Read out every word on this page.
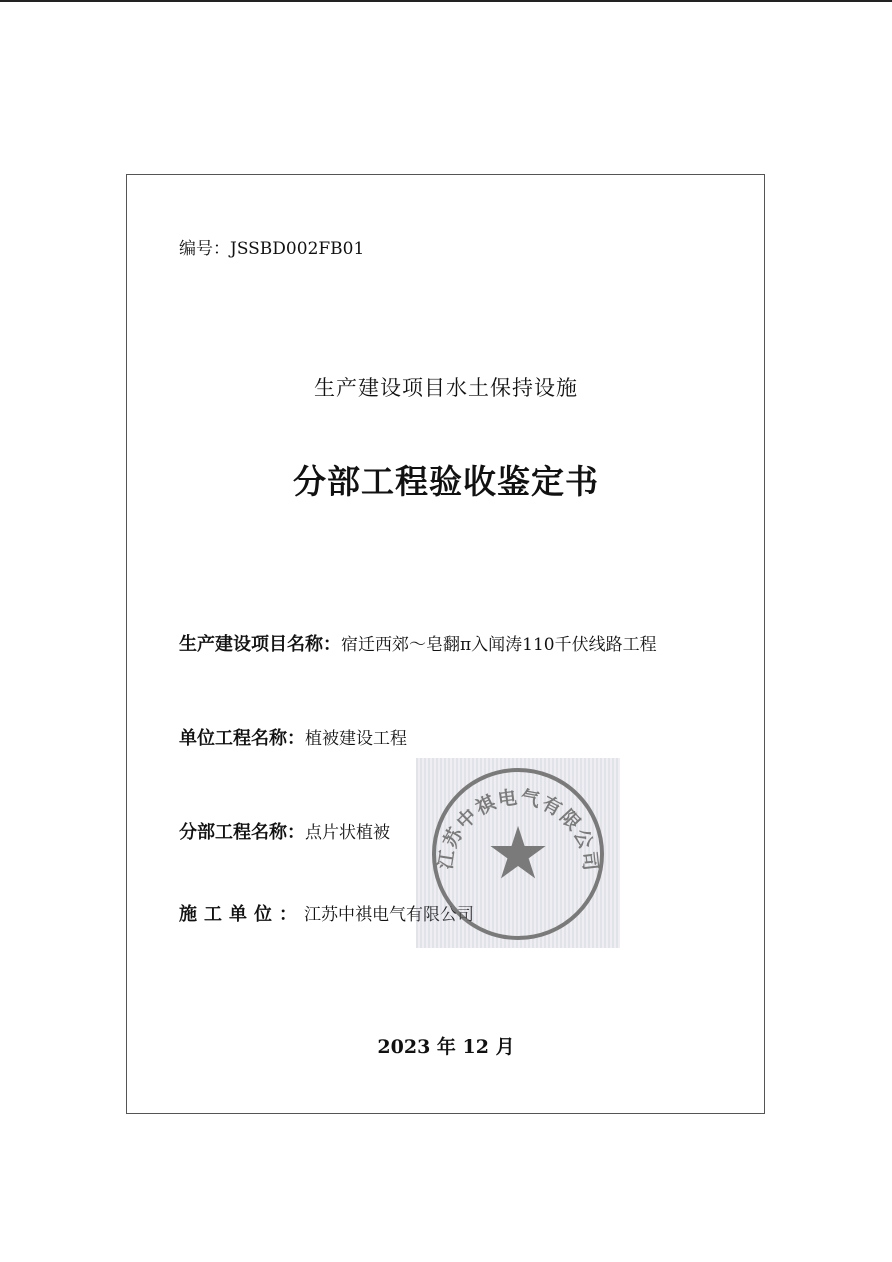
编号：JSSBD002FB01
生产建设项目水土保持设施
分部工程验收鉴定书
生产建设项目名称：宿迁西郊～皂翻π入闻涛110千伏线路工程
单位工程名称：植被建设工程
分部工程名称：点片状植被
施工单位：江苏中祺电气有限公司
2023 年 12 月
江苏中祺电气有限公司
★
